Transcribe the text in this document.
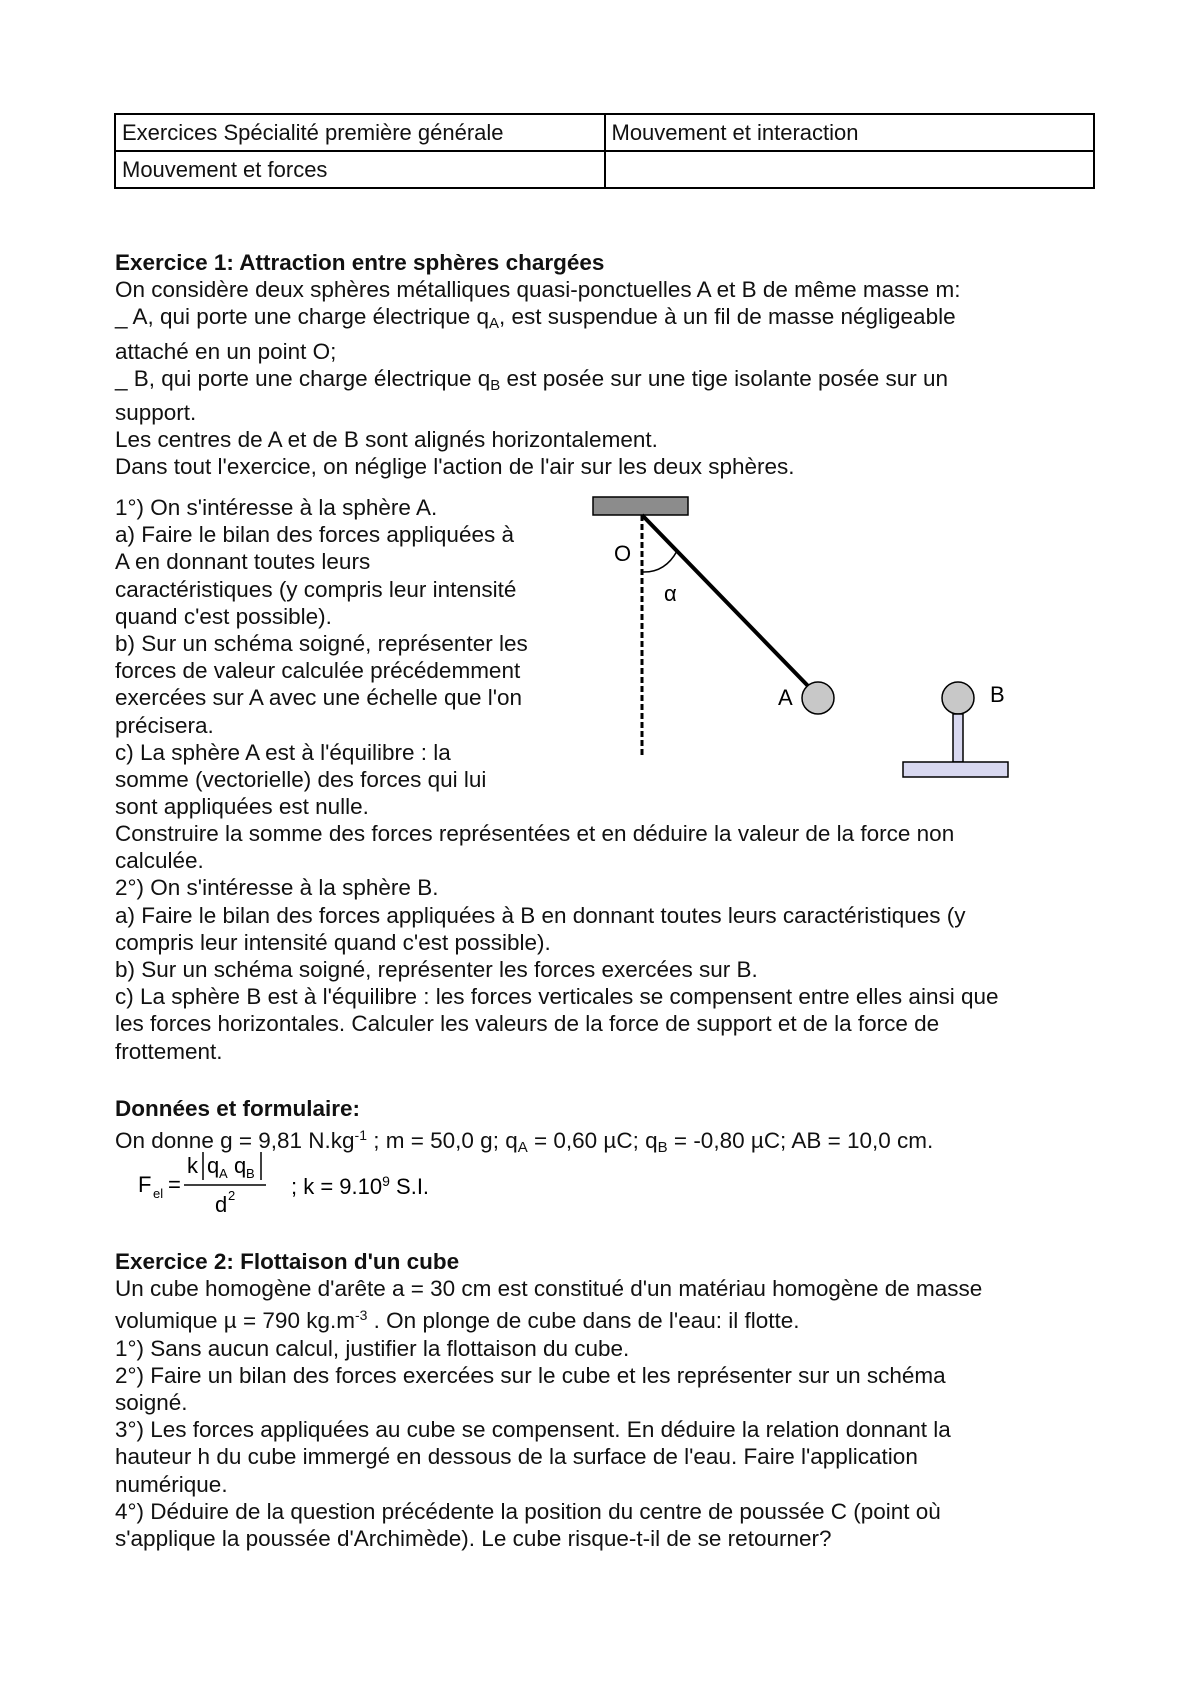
Exercices Spécialité première générale	Mouvement et interaction
Mouvement et forces	
Exercice 1: Attraction entre sphères chargées
On considère deux sphères métalliques quasi-ponctuelles A et B de même masse m:
_ A, qui porte une charge électrique $q_A$, est suspendue à un fil de masse négligeable
attaché en un point O;
_ B, qui porte une charge électrique $q_B$ est posée sur une tige isolante posée sur un
support.
Les centres de A et de B sont alignés horizontalement.
Dans tout l'exercice, on néglige l'action de l'air sur les deux sphères.
1°) On s'intéresse à la sphère A.
a) Faire le bilan des forces appliquées à
A en donnant toutes leurs
caractéristiques (y compris leur intensité
quand c'est possible).
b) Sur un schéma soigné, représenter les
forces de valeur calculée précédemment
exercées sur A avec une échelle que l'on
précisera.
c) La sphère A est à l'équilibre : la
somme (vectorielle) des forces qui lui
sont appliquées est nulle.
Construire la somme des forces représentées et en déduire la valeur de la force non
calculée.
2°) On s'intéresse à la sphère B.
a) Faire le bilan des forces appliquées à B en donnant toutes leurs caractéristiques (y
compris leur intensité quand c'est possible).
b) Sur un schéma soigné, représenter les forces exercées sur B.
c) La sphère B est à l'équilibre : les forces verticales se compensent entre elles ainsi que
les forces horizontales. Calculer les valeurs de la force de support et de la force de
frottement.
O
α
A	B
Données et formulaire:
On donne g = 9,81 $N.kg^{-1}$ ; m = 50,0 g; $q_A = 0,60$ µC; $q_B = -0,80$ µC; AB = 10,0 cm.
F el =
k q A q B
d 2	; $k = 9.10^9$ S.I.
Exercice 2: Flottaison d'un cube
Un cube homogène d'arête a = 30 cm est constitué d'un matériau homogène de masse
volumique µ = 790 $kg.m^{-3}$ . On plonge de cube dans de l'eau: il flotte.
1°) Sans aucun calcul, justifier la flottaison du cube.
2°) Faire un bilan des forces exercées sur le cube et les représenter sur un schéma
soigné.
3°) Les forces appliquées au cube se compensent. En déduire la relation donnant la
hauteur h du cube immergé en dessous de la surface de l'eau. Faire l'application
numérique.
4°) Déduire de la question précédente la position du centre de poussée C (point où
s'applique la poussée d'Archimède). Le cube risque-t-il de se retourner?
